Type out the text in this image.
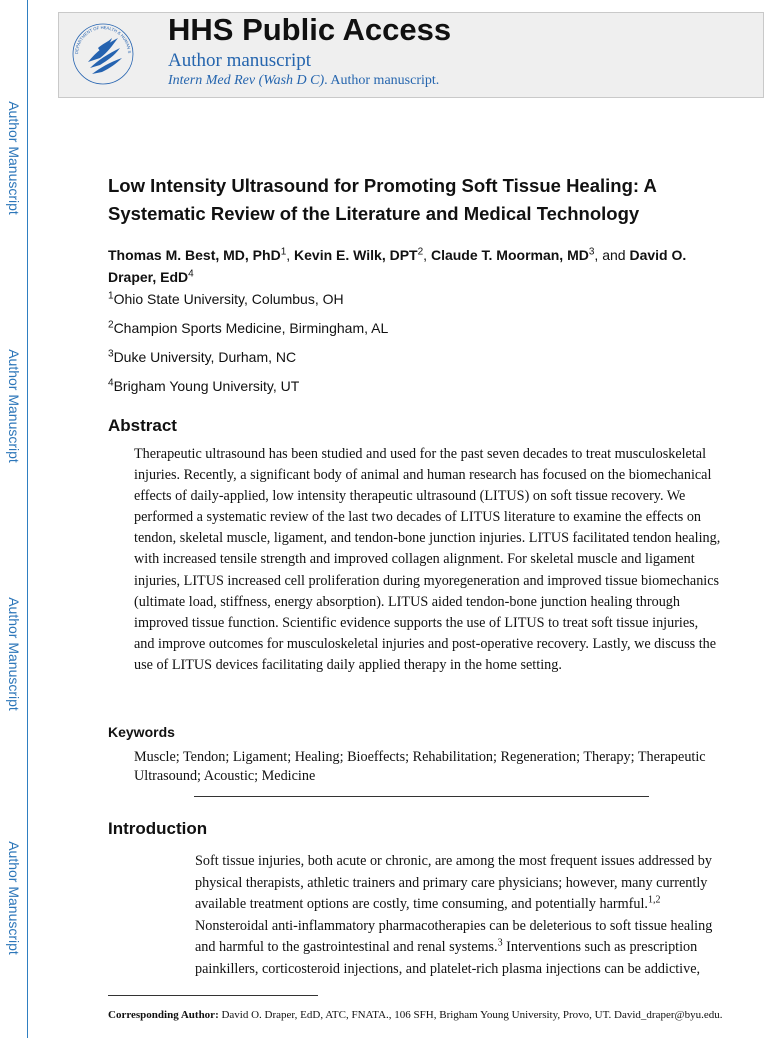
Author Manuscript
Author Manuscript
Author Manuscript
Author Manuscript
DEPARTMENT OF HEALTH & HUMAN S
HHS Public Access
Author manuscript
Intern Med Rev (Wash D C). Author manuscript.
Low Intensity Ultrasound for Promoting Soft Tissue Healing: A Systematic Review of the Literature and Medical Technology
Thomas M. Best, MD, PhD$^1$, Kevin E. Wilk, DPT$^2$, Claude T. Moorman, $MD^3$, and David O. Draper, EdD$^4$
$^1$Ohio State University, Columbus, OH
$^2$Champion Sports Medicine, Birmingham, AL
$^3$Duke University, Durham, NC
$^4$Brigham Young University, UT
Abstract
Therapeutic ultrasound has been studied and used for the past seven decades to treat musculoskeletal injuries. Recently, a significant body of animal and human research has focused on the biomechanical effects of daily-applied, low intensity therapeutic ultrasound (LITUS) on soft tissue recovery. We performed a systematic review of the last two decades of LITUS literature to examine the effects on tendon, skeletal muscle, ligament, and tendon-bone junction injuries. LITUS facilitated tendon healing, with increased tensile strength and improved collagen alignment. For skeletal muscle and ligament injuries, LITUS increased cell proliferation during myoregeneration and improved tissue biomechanics (ultimate load, stiffness, energy absorption). LITUS aided tendon-bone junction healing through improved tissue function. Scientific evidence supports the use of LITUS to treat soft tissue injuries, and improve outcomes for musculoskeletal injuries and post-operative recovery. Lastly, we discuss the use of LITUS devices facilitating daily applied therapy in the home setting.
Keywords
Muscle; Tendon; Ligament; Healing; Bioeffects; Rehabilitation; Regeneration; Therapy; Therapeutic Ultrasound; Acoustic; Medicine
Introduction
Soft tissue injuries, both acute or chronic, are among the most frequent issues addressed by physical therapists, athletic trainers and primary care physicians; however, many currently available treatment options are costly, time consuming, and potentially harmful.$^{1,2}$ Nonsteroidal anti-inflammatory pharmacotherapies can be deleterious to soft tissue healing and harmful to the gastrointestinal and renal systems.$^3$ Interventions such as prescription painkillers, corticosteroid injections, and platelet-rich plasma injections can be addictive,
Corresponding Author: David O. Draper, EdD, ATC, FNATA., 106 SFH, Brigham Young University, Provo, UT. David_draper@byu.edu.
